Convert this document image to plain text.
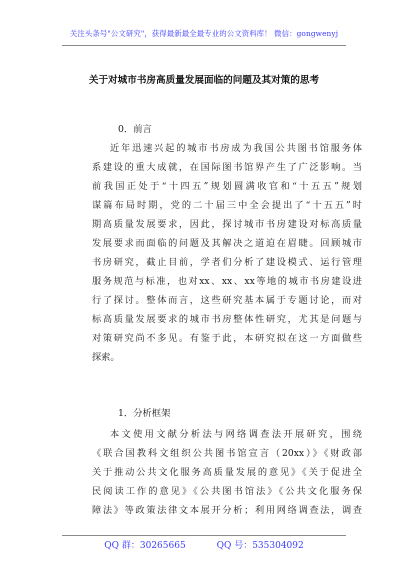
关注头条号"公文研究"，获得最新最全最专业的公文资料库！ 微信：gongwenyj
关于对城市书房高质量发展面临的问题及其对策的思考
0．前言
近年迅速兴起的城市书房成为我国公共图书馆服务体
系建设的重大成就，在国际图书馆界产生了广泛影响。当
前我国正处于“十四五”规划圆满收官和“十五五”规划
谋篇布局时期，党的二十届三中全会提出了“十五五”时
期高质量发展要求，因此，探讨城市书房建设对标高质量
发展要求而面临的问题及其解决之道迫在眉睫。回顾城市
书房研究，截止目前，学者们分析了建设模式、运行管理
服务规范与标准，也对xx、xx、xx等地的城市书房建设进
行了探讨。整体而言，这些研究基本属于专题讨论，而对
标高质量发展要求的城市书房整体性研究，尤其是问题与
对策研究尚不多见。有鉴于此，本研究拟在这一方面做些
探索。
1．分析框架
本文使用文献分析法与网络调查法开展研究，围绕
《联合国教科文组织公共图书馆宣言（20xx）》《财政部
关于推动公共文化服务高质量发展的意见》《关于促进全
民阅读工作的意见》《公共图书馆法》《公共文化服务保
障法》等政策法律文本展开分析；利用网络调查法，调查
QQ 群：30265665	QQ 号：535304092
